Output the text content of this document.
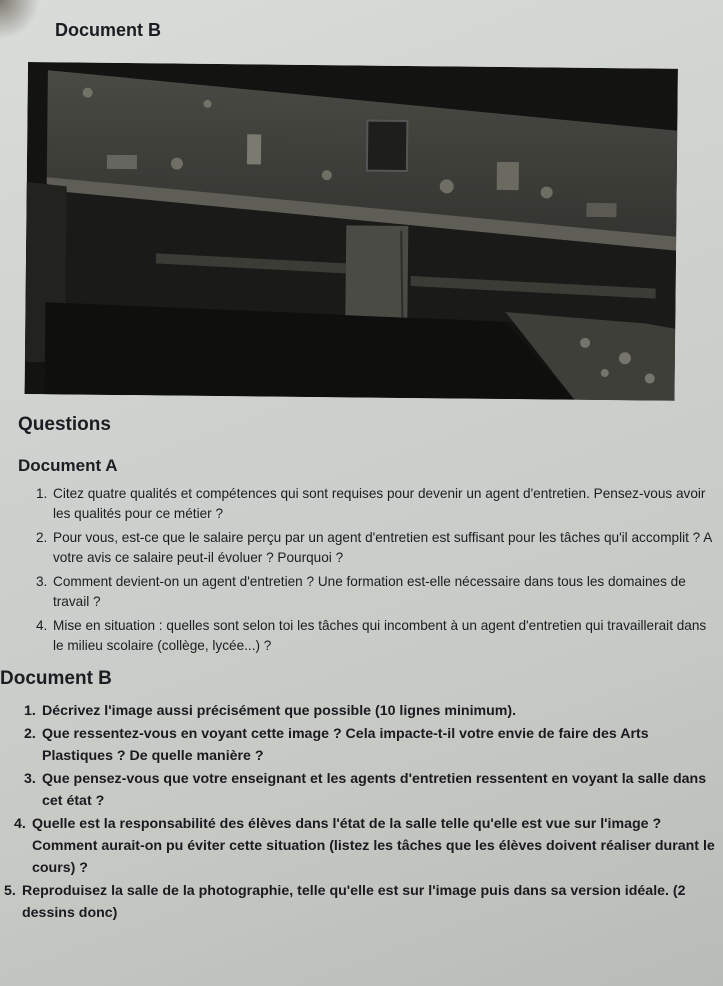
Document B
Questions
Document A
1. Citez quatre qualités et compétences qui sont requises pour devenir un agent d'entretien. Pensez-vous avoir les qualités pour ce métier ?
2. Pour vous, est-ce que le salaire perçu par un agent d'entretien est suffisant pour les tâches qu'il accomplit ? A votre avis ce salaire peut-il évoluer ? Pourquoi ?
3. Comment devient-on un agent d'entretien ? Une formation est-elle nécessaire dans tous les domaines de travail ?
4. Mise en situation : quelles sont selon toi les tâches qui incombent à un agent d'entretien qui travaillerait dans le milieu scolaire (collège, lycée...) ?
Document B
1. Décrivez l'image aussi précisément que possible (10 lignes minimum).
2. Que ressentez-vous en voyant cette image ? Cela impacte-t-il votre envie de faire des Arts Plastiques ? De quelle manière ?
3. Que pensez-vous que votre enseignant et les agents d'entretien ressentent en voyant la salle dans cet état ?
4. Quelle est la responsabilité des élèves dans l'état de la salle telle qu'elle est vue sur l'image ? Comment aurait-on pu éviter cette situation (listez les tâches que les élèves doivent réaliser durant le cours) ?
5. Reproduisez la salle de la photographie, telle qu'elle est sur l'image puis dans sa version idéale. (2 dessins donc)
